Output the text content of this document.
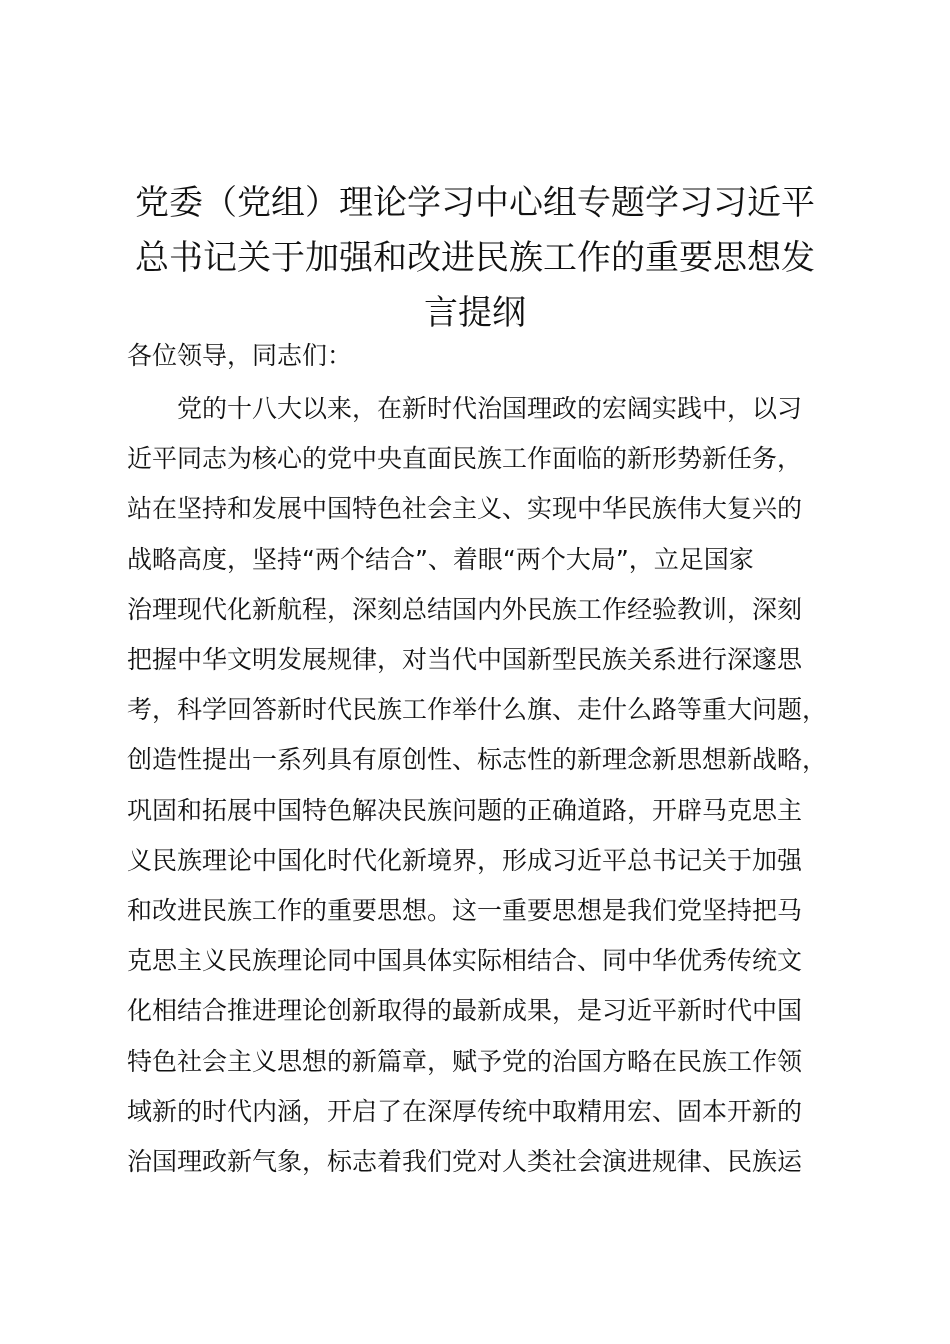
党委（党组）理论学习中心组专题学习习近平
总书记关于加强和改进民族工作的重要思想发
言提纲

各位领导，同志们：

党的十八大以来，在新时代治国理政的宏阔实践中，以习
近平同志为核心的党中央直面民族工作面临的新形势新任务，
站在坚持和发展中国特色社会主义、实现中华民族伟大复兴的
战略高度，坚持“两个结合”、着眼“两个大局”，立足国家
治理现代化新航程，深刻总结国内外民族工作经验教训，深刻
把握中华文明发展规律，对当代中国新型民族关系进行深邃思
考，科学回答新时代民族工作举什么旗、走什么路等重大问题，
创造性提出一系列具有原创性、标志性的新理念新思想新战略，
巩固和拓展中国特色解决民族问题的正确道路，开辟马克思主
义民族理论中国化时代化新境界，形成习近平总书记关于加强
和改进民族工作的重要思想。这一重要思想是我们党坚持把马
克思主义民族理论同中国具体实际相结合、同中华优秀传统文
化相结合推进理论创新取得的最新成果，是习近平新时代中国
特色社会主义思想的新篇章，赋予党的治国方略在民族工作领
域新的时代内涵，开启了在深厚传统中取精用宏、固本开新的
治国理政新气象，标志着我们党对人类社会演进规律、民族运
